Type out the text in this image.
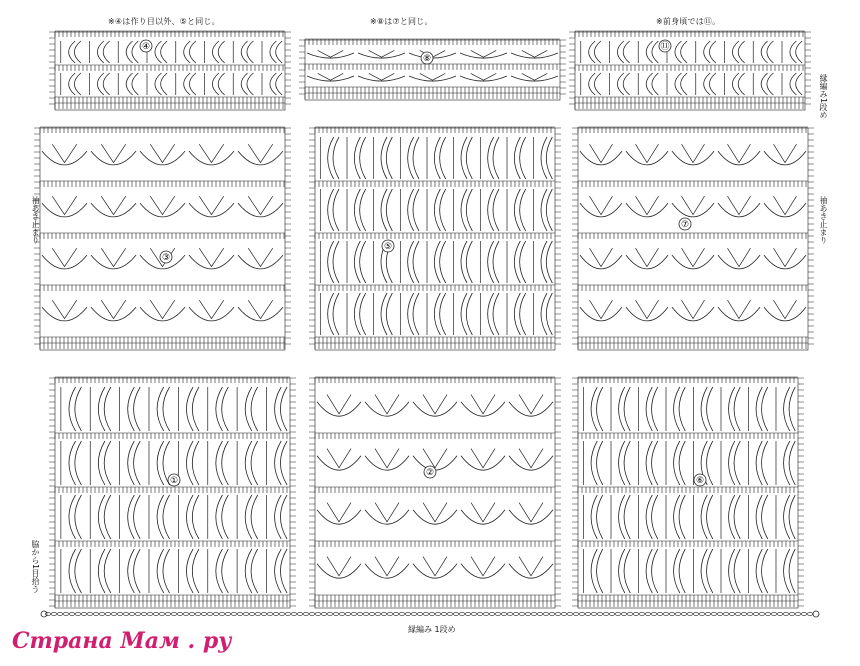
④
⑧
⑪
③
⑤
⑦
①
②
⑥
※④は作り目以外、⑤と同じ。	※⑧は⑦と同じ。	※前身頃では⑪。
袖あき止まり
脇から1目拾う
縁編み1段め
袖あき止まり
縁編み 1段め
Страна Мам . ру
